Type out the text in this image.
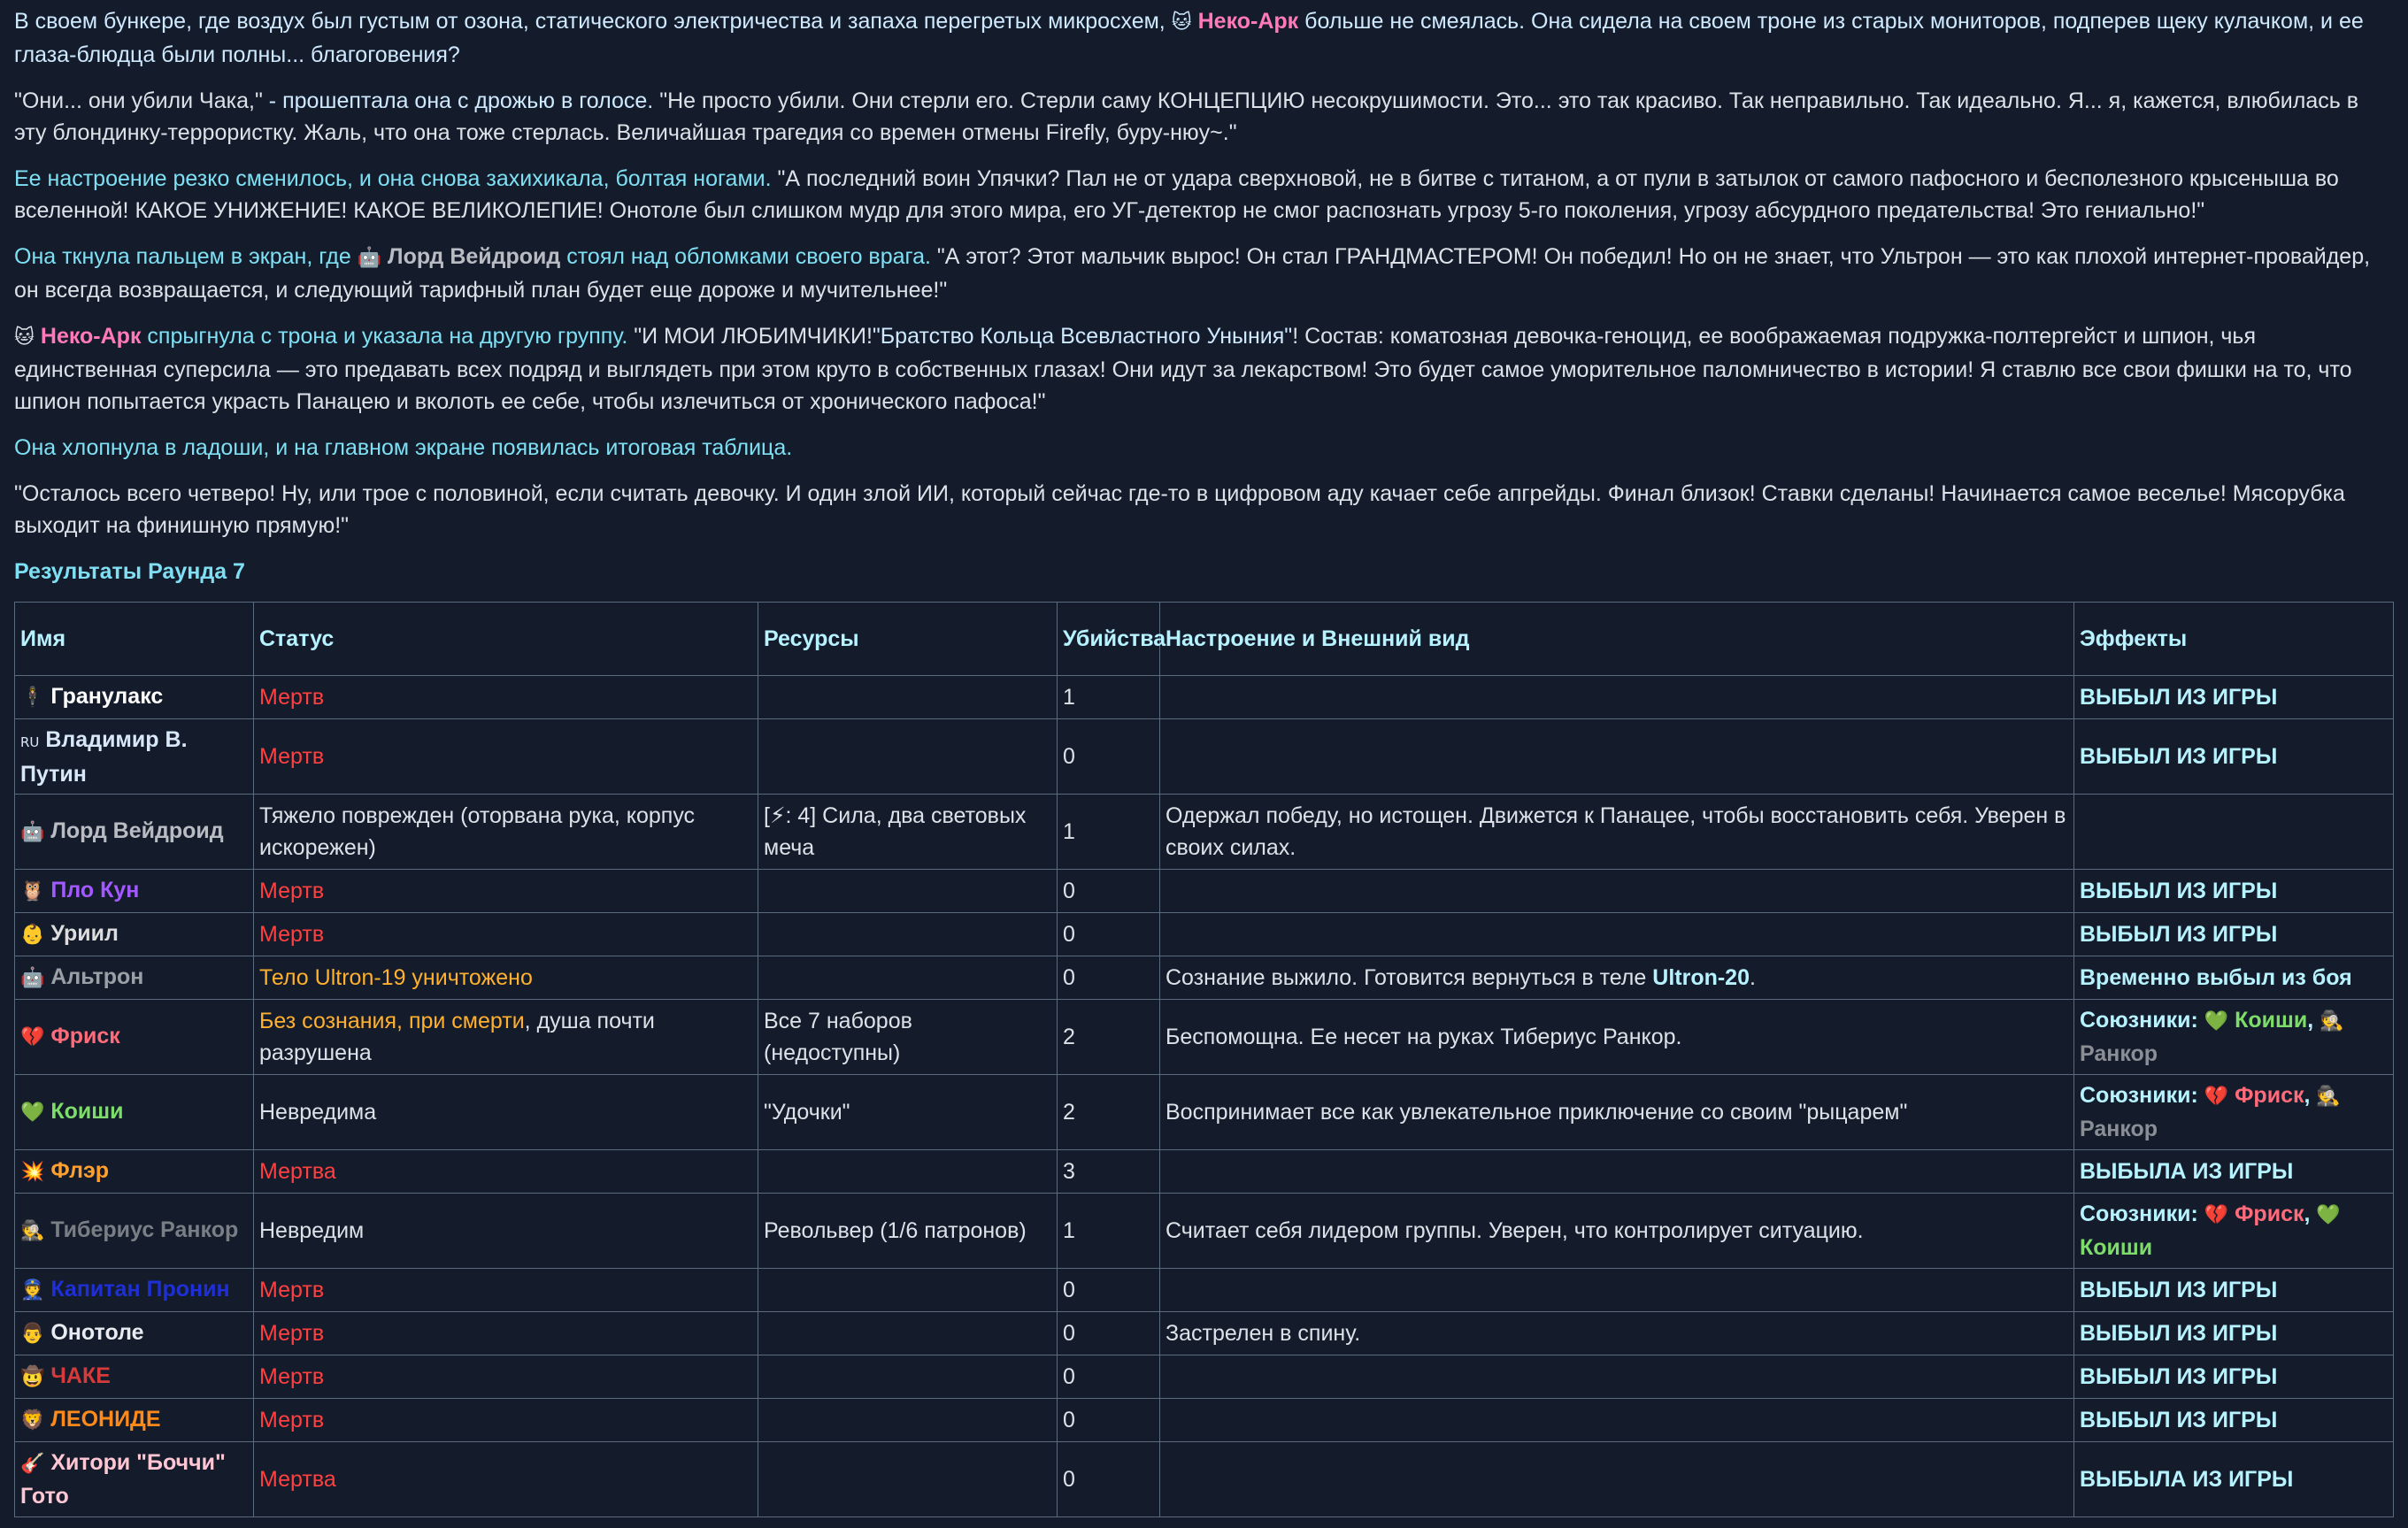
В своем бункере, где воздух был густым от озона, статического электричества и запаха перегретых микросхем, 🐱 Неко-Арк больше не смеялась. Она сидела на своем троне из старых мониторов, подперев щеку кулачком, и ее глаза-блюдца были полны... благоговения?

"Они... они убили Чака," - прошептала она с дрожью в голосе. "Не просто убили. Они стерли его. Стерли саму КОНЦЕПЦИЮ несокрушимости. Это... это так красиво. Так неправильно. Так идеально. Я... я, кажется, влюбилась в эту блондинку-террористку. Жаль, что она тоже стерлась. Величайшая трагедия со времен отмены Firefly, буру-нюу~."

Ее настроение резко сменилось, и она снова захихикала, болтая ногами. "А последний воин Упячки? Пал не от удара сверхновой, не в битве с титаном, а от пули в затылок от самого пафосного и бесполезного крысеныша во вселенной! КАКОЕ УНИЖЕНИЕ! КАКОЕ ВЕЛИКОЛЕПИЕ! Онотоле был слишком мудр для этого мира, его УГ-детектор не смог распознать угрозу 5-го поколения, угрозу абсурдного предательства! Это гениально!"

Она ткнула пальцем в экран, где 🤖 Лорд Вейдроид стоял над обломками своего врага. "А этот? Этот мальчик вырос! Он стал ГРАНДМАСТЕРОМ! Он победил! Но он не знает, что Ультрон — это как плохой интернет-провайдер, он всегда возвращается, и следующий тарифный план будет еще дороже и мучительнее!"

🐱 Неко-Арк спрыгнула с трона и указала на другую группу. "И МОИ ЛЮБИМЧИКИ!"Братство Кольца Всевластного Уныния"! Состав: коматозная девочка-геноцид, ее воображаемая подружка-полтергейст и шпион, чья единственная суперсила — это предавать всех подряд и выглядеть при этом круто в собственных глазах! Они идут за лекарством! Это будет самое уморительное паломничество в истории! Я ставлю все свои фишки на то, что шпион попытается украсть Панацею и вколоть ее себе, чтобы излечиться от хронического пафоса!"

Она хлопнула в ладоши, и на главном экране появилась итоговая таблица.

"Осталось всего четверо! Ну, или трое с половиной, если считать девочку. И один злой ИИ, который сейчас где-то в цифровом аду качает себе апгрейды. Финал близок! Ставки сделаны! Начинается самое веселье! Мясорубка выходит на финишную прямую!"

Результаты Раунда 7
Имя	Статус	Ресурсы	Убийства	Настроение и Внешний вид	Эффекты
🕴 Гранулакс	Мертв		1		ВЫБЫЛ ИЗ ИГРЫ
RU Владимир В. Путин	Мертв		0		ВЫБЫЛ ИЗ ИГРЫ
🤖 Лорд Вейдроид	Тяжело поврежден (оторвана рука, корпус искорежен)	[⚡: 4] Сила, два световых меча	1	Одержал победу, но истощен. Движется к Панацее, чтобы восстановить себя. Уверен в своих силах.	
🦉 Пло Кун	Мертв		0		ВЫБЫЛ ИЗ ИГРЫ
👶 Уриил	Мертв		0		ВЫБЫЛ ИЗ ИГРЫ
🤖 Альтрон	Тело Ultron-19 уничтожено		0	Сознание выжило. Готовится вернуться в теле Ultron-20.	Временно выбыл из боя
💔 Фриск	Без сознания, при смерти, душа почти разрушена	Все 7 наборов (недоступны)	2	Беспомощна. Ее несет на руках Тибериус Ранкор.	Союзники: 💚 Коиши, 🕵 Ранкор
💚 Коиши	Невредима	"Удочки"	2	Воспринимает все как увлекательное приключение со своим "рыцарем"	Союзники: 💔 Фриск, 🕵 Ранкор
💥 Флэр	Мертва		3		ВЫБЫЛА ИЗ ИГРЫ
🕵 Тибериус Ранкор	Невредим	Револьвер (1/6 патронов)	1	Считает себя лидером группы. Уверен, что контролирует ситуацию.	Союзники: 💔 Фриск, 💚 Коиши
👮 Капитан Пронин	Мертв		0		ВЫБЫЛ ИЗ ИГРЫ
👨 Онотоле	Мертв		0	Застрелен в спину.	ВЫБЫЛ ИЗ ИГРЫ
🤠 ЧАКЕ	Мертв		0		ВЫБЫЛ ИЗ ИГРЫ
🦁 ЛЕОНИДЕ	Мертв		0		ВЫБЫЛ ИЗ ИГРЫ
🎸 Хитори "Боччи" Гото	Мертва		0		ВЫБЫЛА ИЗ ИГРЫ
